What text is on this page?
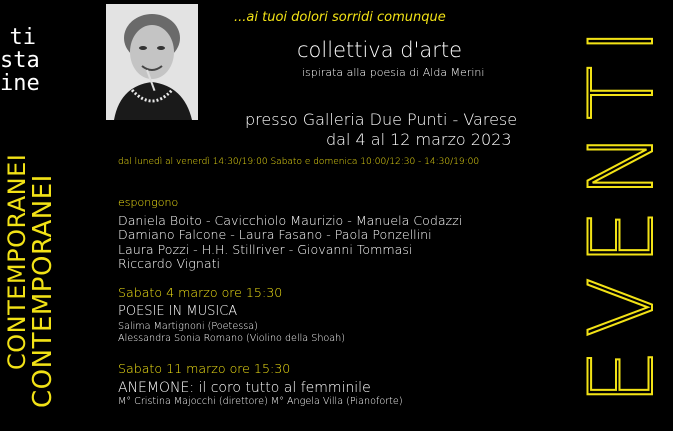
ti
sta
ine
CONTEMPORANEI
CONTEMPORANEI	EVENTI
...ai tuoi dolori sorridi comunque
collettiva d'arte
ispirata alla poesia di Alda Merini
presso Galleria Due Punti - Varese
dal 4 al 12 marzo 2023
dal lunedì al venerdì 14:30/19:00 Sabato e domenica 10:00/12:30 - 14:30/19:00
espongono
Daniela Boito - Cavicchiolo Maurizio - Manuela Codazzi
Damiano Falcone - Laura Fasano - Paola Ponzellini
Laura Pozzi - H.H. Stillriver - Giovanni Tommasi
Riccardo Vignati
Sabato 4 marzo ore 15:30
POESIE IN MUSICA
Salima Martignoni (Poetessa)
Alessandra Sonia Romano (Violino della Shoah)
Sabato 11 marzo ore 15:30
ANEMONE: il coro tutto al femminile
M° Cristina Majocchi (direttore) M° Angela Villa (Pianoforte)
